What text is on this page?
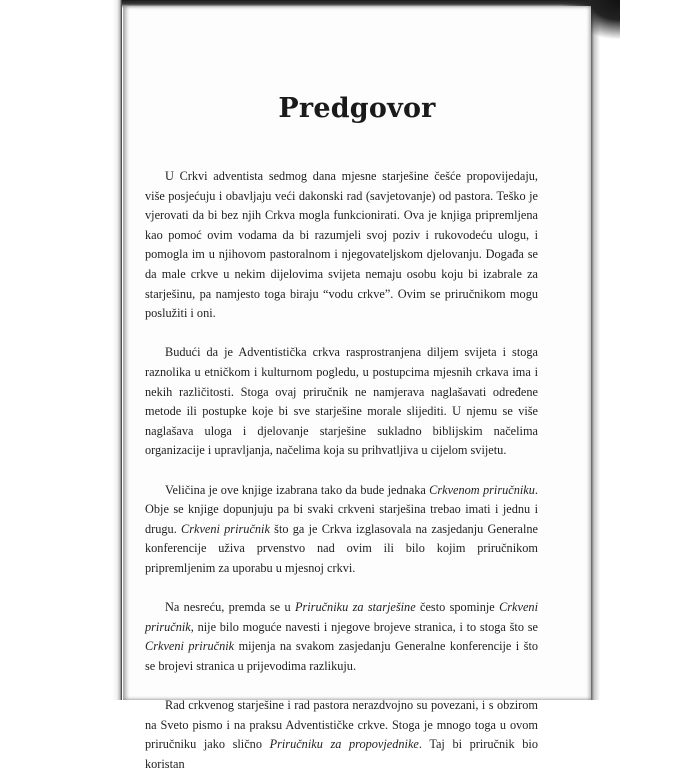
Predgovor

U Crkvi adventista sedmog dana mjesne starješine češće propovijedaju, više posjećuju i obavljaju veći dakonski rad (savjetovanje) od pastora. Teško je vjerovati da bi bez njih Crkva mogla funkcionirati. Ova je knjiga pripremljena kao pomoć ovim vodama da bi razumjeli svoj poziv i rukovodeću ulogu, i pomogla im u njihovom pastoralnom i njegovateljskom djelovanju. Događa se da male crkve u nekim dijelovima svijeta nemaju osobu koju bi izabrale za starješinu, pa namjesto toga biraju “vodu crkve”. Ovim se priručnikom mogu poslužiti i oni.

Budući da je Adventistička crkva rasprostranjena diljem svijeta i stoga raznolika u etničkom i kulturnom pogledu, u postupcima mjesnih crkava ima i nekih različitosti. Stoga ovaj priručnik ne namjerava naglašavati određene metode ili postupke koje bi sve starješine morale slijediti. U njemu se više naglašava uloga i djelovanje starješine sukladno biblijskim načelima organizacije i upravljanja, načelima koja su prihvatljiva u cijelom svijetu.

Veličina je ove knjige izabrana tako da bude jednaka Crkvenom priručniku. Obje se knjige dopunjuju pa bi svaki crkveni starješina trebao imati i jednu i drugu. Crkveni priručnik što ga je Crkva izglasovala na zasjedanju Generalne konferencije uživa prvenstvo nad ovim ili bilo kojim priručnikom pripremljenim za uporabu u mjesnoj crkvi.

Na nesreću, premda se u Priručniku za starješine često spominje Crkveni priručnik, nije bilo moguće navesti i njegove brojeve stranica, i to stoga što se Crkveni priručnik mijenja na svakom zasjedanju Generalne konferencije i što se brojevi stranica u prijevodima razlikuju.

Rad crkvenog starješine i rad pastora nerazdvojno su povezani, i s obzirom na Sveto pismo i na praksu Adventističke crkve. Stoga je mnogo toga u ovom priručniku jako slično Priručniku za propovjednike. Taj bi priručnik bio koristan
